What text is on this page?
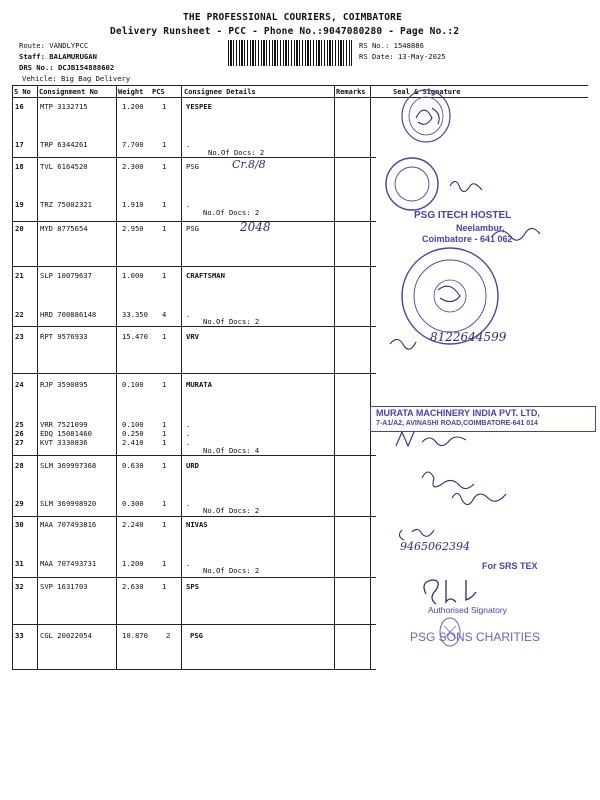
THE PROFESSIONAL COURIERS, COIMBATORE
Delivery Runsheet - PCC - Phone No.:9047080280 - Page No.:2
Route: VANDLYPCC
Staff: BALAMURUGAN
DRS No.: DCJB154888602
Vehicle: Big Bag Delivery
RS No.: 1548886
RS Date: 13-May-2025
S No Consignment No	Weight PCS	Consignee Details	Remarks	Seal & Signature
16 MTP 3132715	1.200	1	YESPEE
17 TRP 6344261	7.700	1	.
No.Of Docs: 2
18 TVL 6164520	2.300	1	PSG
19 TRZ 75002321	1.910	1	.
No.Of Docs: 2
20 MYD 8775654	2.950	1	PSG
21 SLP 10079637	1.000	1	CRAFTSMAN
22 HRD 700886148	33.350 4	.
No.Of Docs: 2
23 RPT 9576933	15.470 1	VRV
24 RJP 3590895	0.100	1	MURATA
25 VRR 7521099	0.100	1	.
26 EDQ 15081460	0.250	1	.
27 KVT 3330836	2.410	1	.
No.Of Docs: 4
28 SLM 369997368	0.630	1	URD
29 SLM 369998920	0.300	1	.
No.Of Docs: 2
30 MAA 707493816	2.240	1	NIVAS
31 MAA 707493731	1.200	1	.
No.Of Docs: 2
32 SVP 1631703	2.630	1	SPS
33 CGL 20022054	10.870	2	PSG
Cr.8/8
2048
PSG ITECH HOSTEL
Neelambur,
Coimbatore - 641 062
8122644599
MURATA MACHINERY INDIA PVT. LTD,
7-A1/A2, AVINASHI ROAD,COIMBATORE-641 014
9465062394
For SRS TEX
Authorised Signatory
PSG SONS CHARITIES
